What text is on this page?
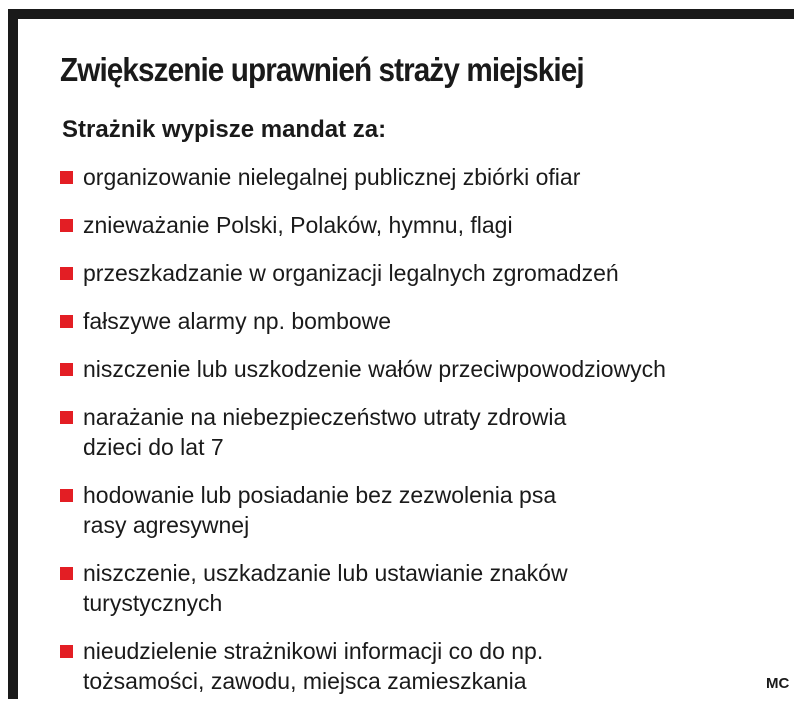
Zwiększenie uprawnień straży miejskiej
Strażnik wypisze mandat za:
organizowanie nielegalnej publicznej zbiórki ofiar
znieważanie Polski, Polaków, hymnu, flagi
przeszkadzanie w organizacji legalnych zgromadzeń
fałszywe alarmy np. bombowe
niszczenie lub uszkodzenie wałów przeciwpowodziowych
narażanie na niebezpieczeństwo utraty zdrowia
dzieci do lat 7
hodowanie lub posiadanie bez zezwolenia psa
rasy agresywnej
niszczenie, uszkadzanie lub ustawianie znaków
turystycznych
nieudzielenie strażnikowi informacji co do np.
tożsamości, zawodu, miejsca zamieszkania	MC
